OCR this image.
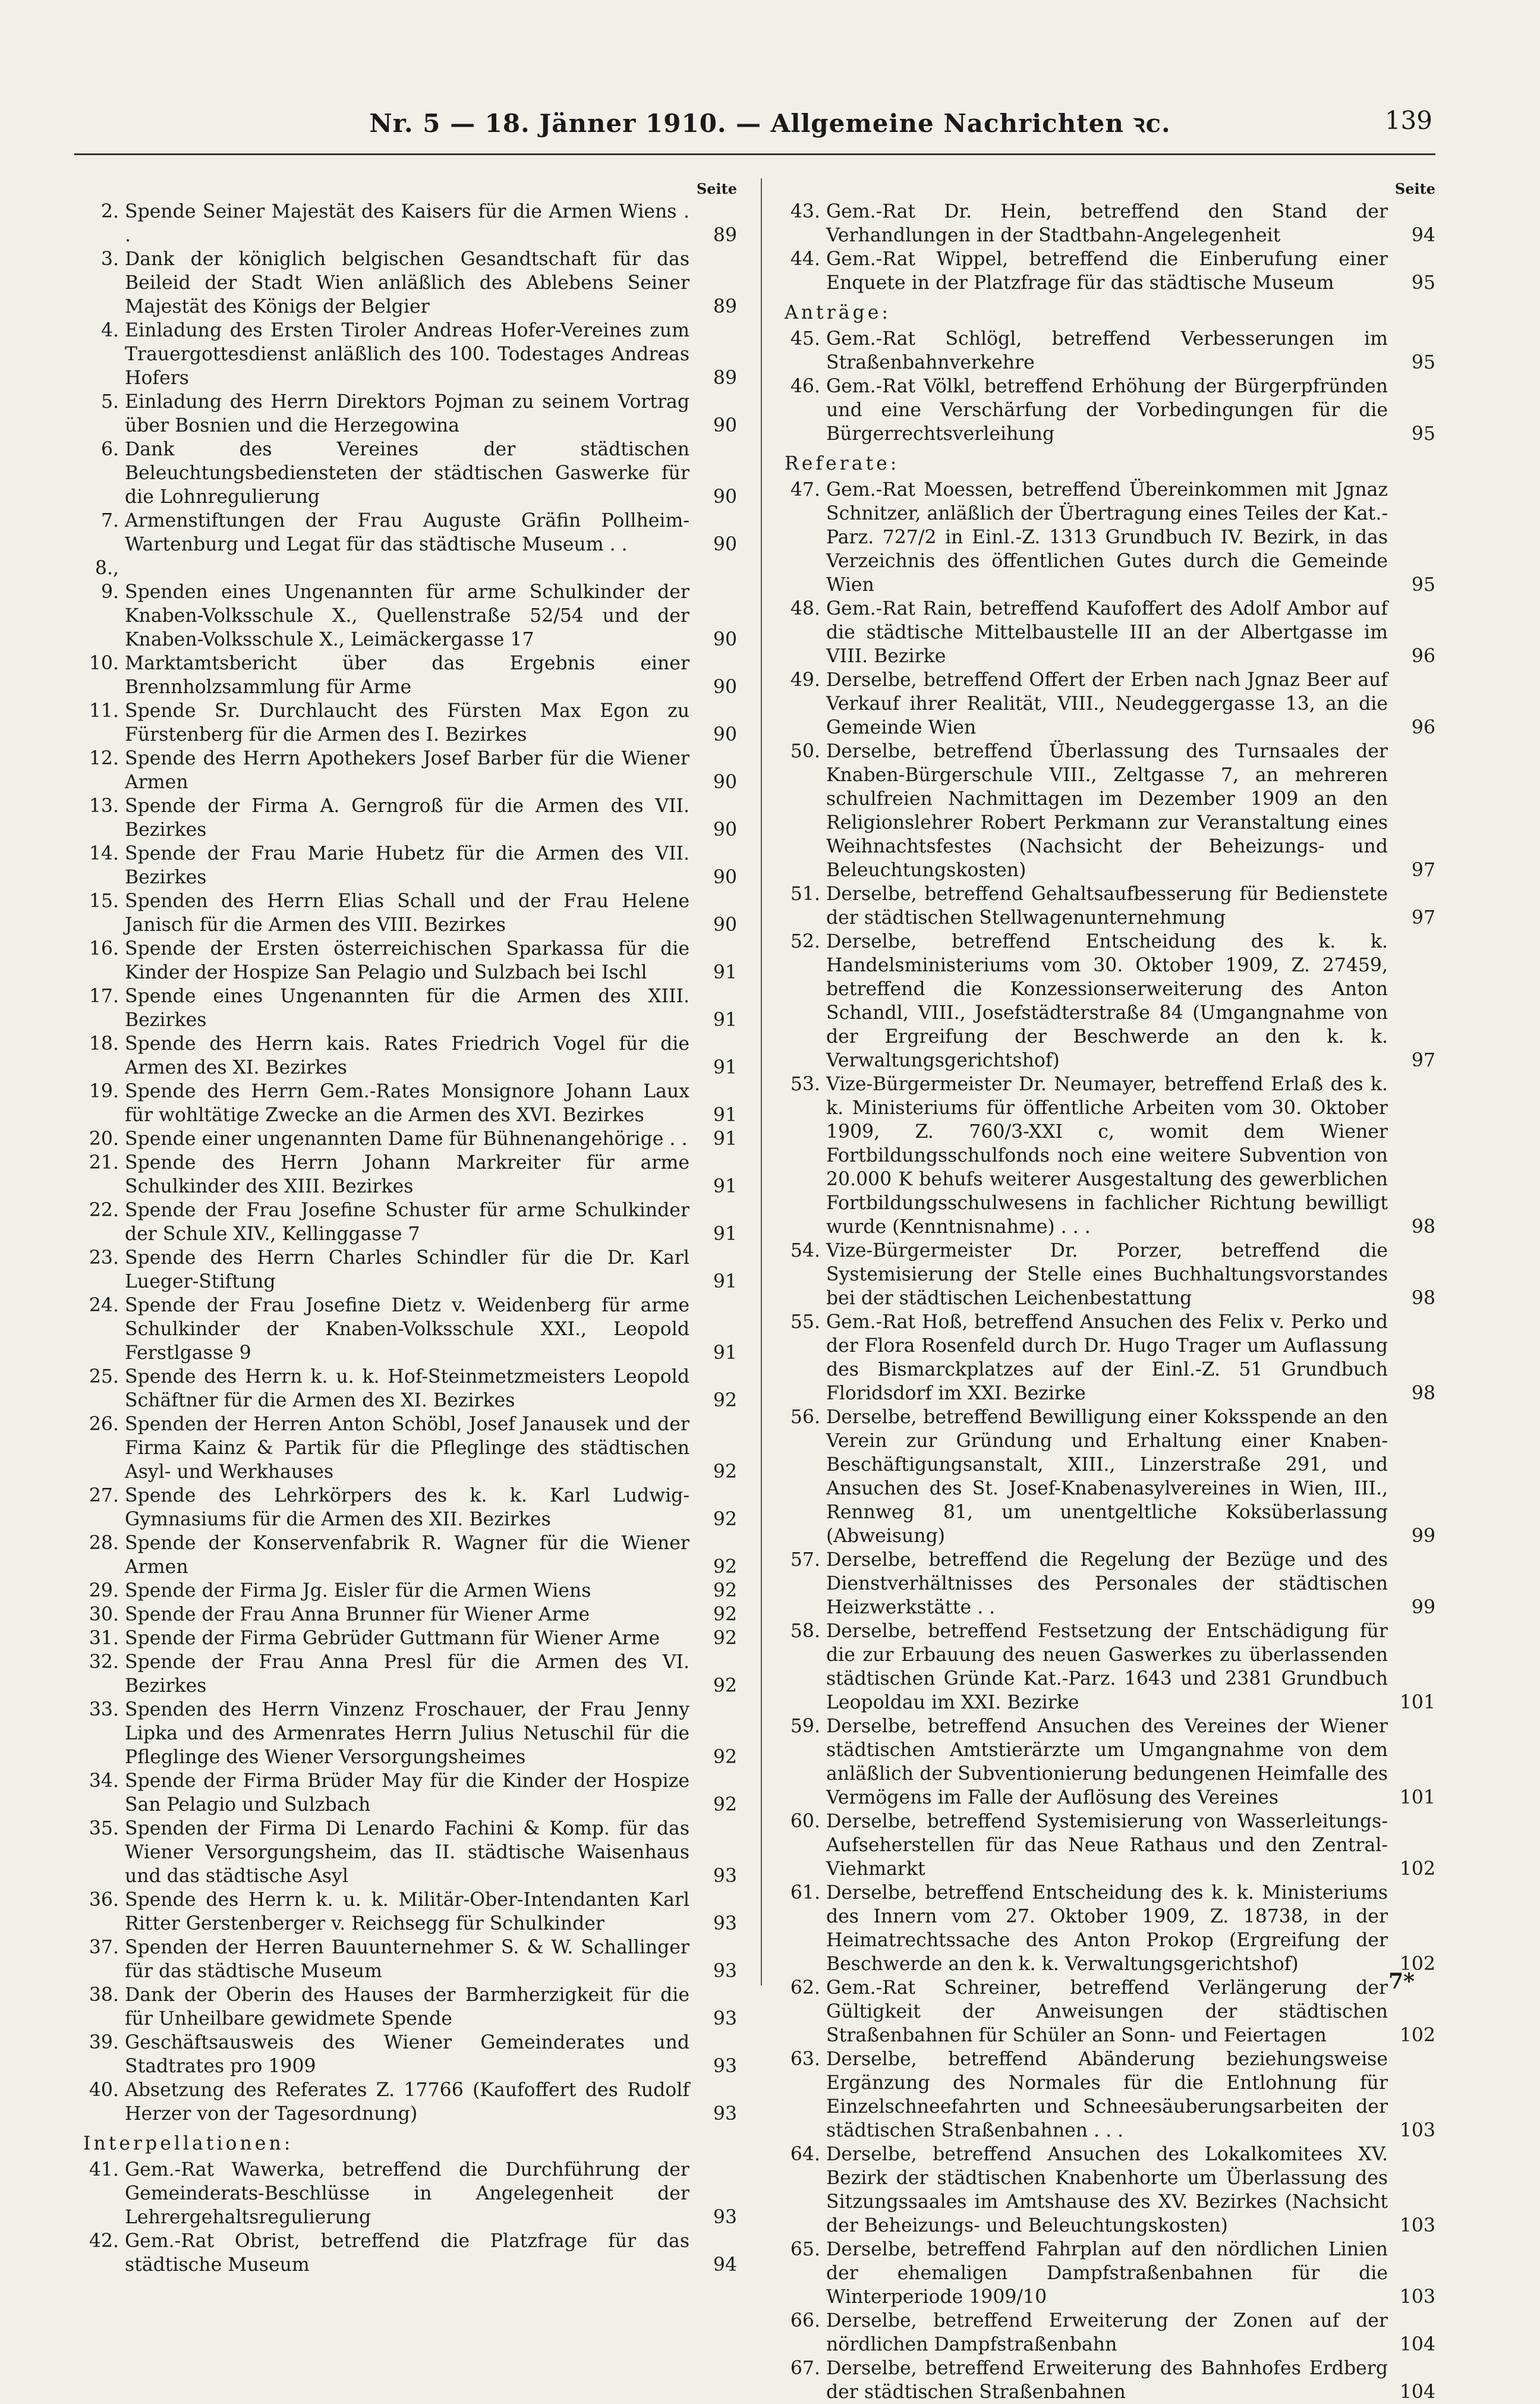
Nr. 5 — 18. Jänner 1910. — Allgemeine Nachrichten ꝛc.	139
Seite
2. Spende Seiner Majestät des Kaisers für die Armen Wiens . .	89
3. Dank der königlich belgischen Gesandtschaft für das Beileid der Stadt Wien anläßlich des Ablebens Seiner Majestät des Königs der Belgier	89
4. Einladung des Ersten Tiroler Andreas Hofer-Vereines zum Trauergottesdienst anläßlich des 100. Todestages Andreas Hofers	89
5. Einladung des Herrn Direktors Pojman zu seinem Vortrag über Bosnien und die Herzegowina	90
6. Dank des Vereines der städtischen Beleuchtungsbediensteten der städtischen Gaswerke für die Lohnregulierung	90
7. Armenstiftungen der Frau Auguste Gräfin Pollheim-Wartenburg und Legat für das städtische Museum . .	90
8., 9. Spenden eines Ungenannten für arme Schulkinder der Knaben-Volksschule X., Quellenstraße 52/54 und der Knaben-Volksschule X., Leimäckergasse 17	90
10. Marktamtsbericht über das Ergebnis einer Brennholzsammlung für Arme	90
11. Spende Sr. Durchlaucht des Fürsten Max Egon zu Fürstenberg für die Armen des I. Bezirkes	90
12. Spende des Herrn Apothekers Josef Barber für die Wiener Armen	90
13. Spende der Firma A. Gerngroß für die Armen des VII. Bezirkes	90
14. Spende der Frau Marie Hubetz für die Armen des VII. Bezirkes	90
15. Spenden des Herrn Elias Schall und der Frau Helene Janisch für die Armen des VIII. Bezirkes	90
16. Spende der Ersten österreichischen Sparkassa für die Kinder der Hospize San Pelagio und Sulzbach bei Ischl	91
17. Spende eines Ungenannten für die Armen des XIII. Bezirkes	91
18. Spende des Herrn kais. Rates Friedrich Vogel für die Armen des XI. Bezirkes	91
19. Spende des Herrn Gem.-Rates Monsignore Johann Laux für wohltätige Zwecke an die Armen des XVI. Bezirkes	91
20. Spende einer ungenannten Dame für Bühnenangehörige . .	91
21. Spende des Herrn Johann Markreiter für arme Schulkinder des XIII. Bezirkes	91
22. Spende der Frau Josefine Schuster für arme Schulkinder der Schule XIV., Kellinggasse 7	91
23. Spende des Herrn Charles Schindler für die Dr. Karl Lueger-Stiftung	91
24. Spende der Frau Josefine Dietz v. Weidenberg für arme Schulkinder der Knaben-Volksschule XXI., Leopold Ferstlgasse 9	91
25. Spende des Herrn k. u. k. Hof-Steinmetzmeisters Leopold Schäftner für die Armen des XI. Bezirkes	92
26. Spenden der Herren Anton Schöbl, Josef Janausek und der Firma Kainz & Partik für die Pfleglinge des städtischen Asyl- und Werkhauses	92
27. Spende des Lehrkörpers des k. k. Karl Ludwig-Gymnasiums für die Armen des XII. Bezirkes	92
28. Spende der Konservenfabrik R. Wagner für die Wiener Armen	92
29. Spende der Firma Jg. Eisler für die Armen Wiens	92
30. Spende der Frau Anna Brunner für Wiener Arme	92
31. Spende der Firma Gebrüder Guttmann für Wiener Arme	92
32. Spende der Frau Anna Presl für die Armen des VI. Bezirkes	92
33. Spenden des Herrn Vinzenz Froschauer, der Frau Jenny Lipka und des Armenrates Herrn Julius Netuschil für die Pfleglinge des Wiener Versorgungsheimes	92
34. Spende der Firma Brüder May für die Kinder der Hospize San Pelagio und Sulzbach	92
35. Spenden der Firma Di Lenardo Fachini & Komp. für das Wiener Versorgungsheim, das II. städtische Waisenhaus und das städtische Asyl	93
36. Spende des Herrn k. u. k. Militär-Ober-Intendanten Karl Ritter Gerstenberger v. Reichsegg für Schulkinder	93
37. Spenden der Herren Bauunternehmer S. & W. Schallinger für das städtische Museum	93
38. Dank der Oberin des Hauses der Barmherzigkeit für die für Unheilbare gewidmete Spende	93
39. Geschäftsausweis des Wiener Gemeinderates und Stadtrates pro 1909	93
40. Absetzung des Referates Z. 17766 (Kaufoffert des Rudolf Herzer von der Tagesordnung)	93
Interpellationen:
41. Gem.-Rat Wawerka, betreffend die Durchführung der Gemeinderats-Beschlüsse in Angelegenheit der Lehrergehaltsregulierung	93
42. Gem.-Rat Obrist, betreffend die Platzfrage für das städtische Museum	94
Seite
43. Gem.-Rat Dr. Hein, betreffend den Stand der Verhandlungen in der Stadtbahn-Angelegenheit	94
44. Gem.-Rat Wippel, betreffend die Einberufung einer Enquete in der Platzfrage für das städtische Museum	95
Anträge:
45. Gem.-Rat Schlögl, betreffend Verbesserungen im Straßenbahnverkehre	95
46. Gem.-Rat Völkl, betreffend Erhöhung der Bürgerpfründen und eine Verschärfung der Vorbedingungen für die Bürgerrechtsverleihung	95
Referate:
47. Gem.-Rat Moessen, betreffend Übereinkommen mit Jgnaz Schnitzer, anläßlich der Übertragung eines Teiles der Kat.-Parz. 727/2 in Einl.-Z. 1313 Grundbuch IV. Bezirk, in das Verzeichnis des öffentlichen Gutes durch die Gemeinde Wien	95
48. Gem.-Rat Rain, betreffend Kaufoffert des Adolf Ambor auf die städtische Mittelbaustelle III an der Albertgasse im VIII. Bezirke	96
49. Derselbe, betreffend Offert der Erben nach Jgnaz Beer auf Verkauf ihrer Realität, VIII., Neudeggergasse 13, an die Gemeinde Wien	96
50. Derselbe, betreffend Überlassung des Turnsaales der Knaben-Bürgerschule VIII., Zeltgasse 7, an mehreren schulfreien Nachmittagen im Dezember 1909 an den Religionslehrer Robert Perkmann zur Veranstaltung eines Weihnachtsfestes (Nachsicht der Beheizungs- und Beleuchtungskosten)	97
51. Derselbe, betreffend Gehaltsaufbesserung für Bedienstete der städtischen Stellwagenunternehmung	97
52. Derselbe, betreffend Entscheidung des k. k. Handelsministeriums vom 30. Oktober 1909, Z. 27459, betreffend die Konzessionserweiterung des Anton Schandl, VIII., Josefstädterstraße 84 (Umgangnahme von der Ergreifung der Beschwerde an den k. k. Verwaltungsgerichtshof)	97
53. Vize-Bürgermeister Dr. Neumayer, betreffend Erlaß des k. k. Ministeriums für öffentliche Arbeiten vom 30. Oktober 1909, Z. 760/3-XXI c, womit dem Wiener Fortbildungsschulfonds noch eine weitere Subvention von 20.000 K behufs weiterer Ausgestaltung des gewerblichen Fortbildungsschulwesens in fachlicher Richtung bewilligt wurde (Kenntnisnahme) . . .	98
54. Vize-Bürgermeister Dr. Porzer, betreffend die Systemisierung der Stelle eines Buchhaltungsvorstandes bei der städtischen Leichenbestattung	98
55. Gem.-Rat Hoß, betreffend Ansuchen des Felix v. Perko und der Flora Rosenfeld durch Dr. Hugo Trager um Auflassung des Bismarckplatzes auf der Einl.-Z. 51 Grundbuch Floridsdorf im XXI. Bezirke	98
56. Derselbe, betreffend Bewilligung einer Koksspende an den Verein zur Gründung und Erhaltung einer Knaben-Beschäftigungsanstalt, XIII., Linzerstraße 291, und Ansuchen des St. Josef-Knabenasylvereines in Wien, III., Rennweg 81, um unentgeltliche Koksüberlassung (Abweisung)	99
57. Derselbe, betreffend die Regelung der Bezüge und des Dienstverhältnisses des Personales der städtischen Heizwerkstätte . .	99
58. Derselbe, betreffend Festsetzung der Entschädigung für die zur Erbauung des neuen Gaswerkes zu überlassenden städtischen Gründe Kat.-Parz. 1643 und 2381 Grundbuch Leopoldau im XXI. Bezirke	101
59. Derselbe, betreffend Ansuchen des Vereines der Wiener städtischen Amtstierärzte um Umgangnahme von dem anläßlich der Subventionierung bedungenen Heimfalle des Vermögens im Falle der Auflösung des Vereines	101
60. Derselbe, betreffend Systemisierung von Wasserleitungs-Aufseherstellen für das Neue Rathaus und den Zentral-Viehmarkt	102
61. Derselbe, betreffend Entscheidung des k. k. Ministeriums des Innern vom 27. Oktober 1909, Z. 18738, in der Heimatrechtssache des Anton Prokop (Ergreifung der Beschwerde an den k. k. Verwaltungsgerichtshof)	102
62. Gem.-Rat Schreiner, betreffend Verlängerung der Gültigkeit der Anweisungen der städtischen Straßenbahnen für Schüler an Sonn- und Feiertagen	102
63. Derselbe, betreffend Abänderung beziehungsweise Ergänzung des Normales für die Entlohnung für Einzelschneefahrten und Schneesäuberungsarbeiten der städtischen Straßenbahnen . . .	103
64. Derselbe, betreffend Ansuchen des Lokalkomitees XV. Bezirk der städtischen Knabenhorte um Überlassung des Sitzungssaales im Amtshause des XV. Bezirkes (Nachsicht der Beheizungs- und Beleuchtungskosten)	103
65. Derselbe, betreffend Fahrplan auf den nördlichen Linien der ehemaligen Dampfstraßenbahnen für die Winterperiode 1909/10	103
66. Derselbe, betreffend Erweiterung der Zonen auf der nördlichen Dampfstraßenbahn	104
67. Derselbe, betreffend Erweiterung des Bahnhofes Erdberg der städtischen Straßenbahnen	104
7*
